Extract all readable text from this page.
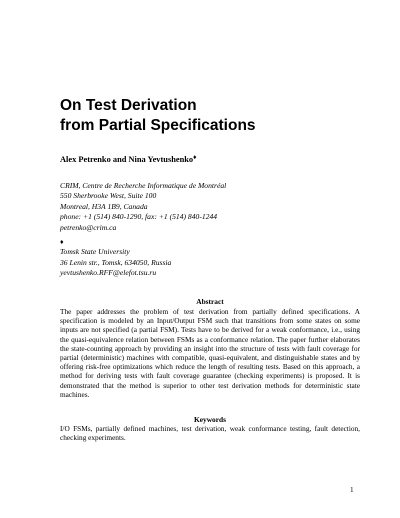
On Test Derivation
from Partial Specifications

Alex Petrenko and Nina Yevtushenko♦

CRIM, Centre de Recherche Informatique de Montréal
550 Sherbrooke West, Suite 100
Montreal, H3A 1B9, Canada
phone: +1 (514) 840-1290, fax: +1 (514) 840-1244
petrenko@crim.ca
♦
Tomsk State University
36 Lenin str., Tomsk, 634050, Russia
yevtushenko.RFF@elefot.tsu.ru
Abstract

The paper addresses the problem of test derivation from partially defined specifications. A specification is modeled by an Input/Output FSM such that transitions from some states on some inputs are not specified (a partial FSM). Tests have to be derived for a weak conformance, i.e., using the quasi-equivalence relation between FSMs as a conformance relation. The paper further elaborates the state-counting approach by providing an insight into the structure of tests with fault coverage for partial (deterministic) machines with compatible, quasi-equivalent, and distinguishable states and by offering risk-free optimizations which reduce the length of resulting tests. Based on this approach, a method for deriving tests with fault coverage guarantee (checking experiments) is proposed. It is demonstrated that the method is superior to other test derivation methods for deterministic state machines.

Keywords

I/O FSMs, partially defined machines, test derivation, weak conformance testing, fault detection, checking experiments.

1
